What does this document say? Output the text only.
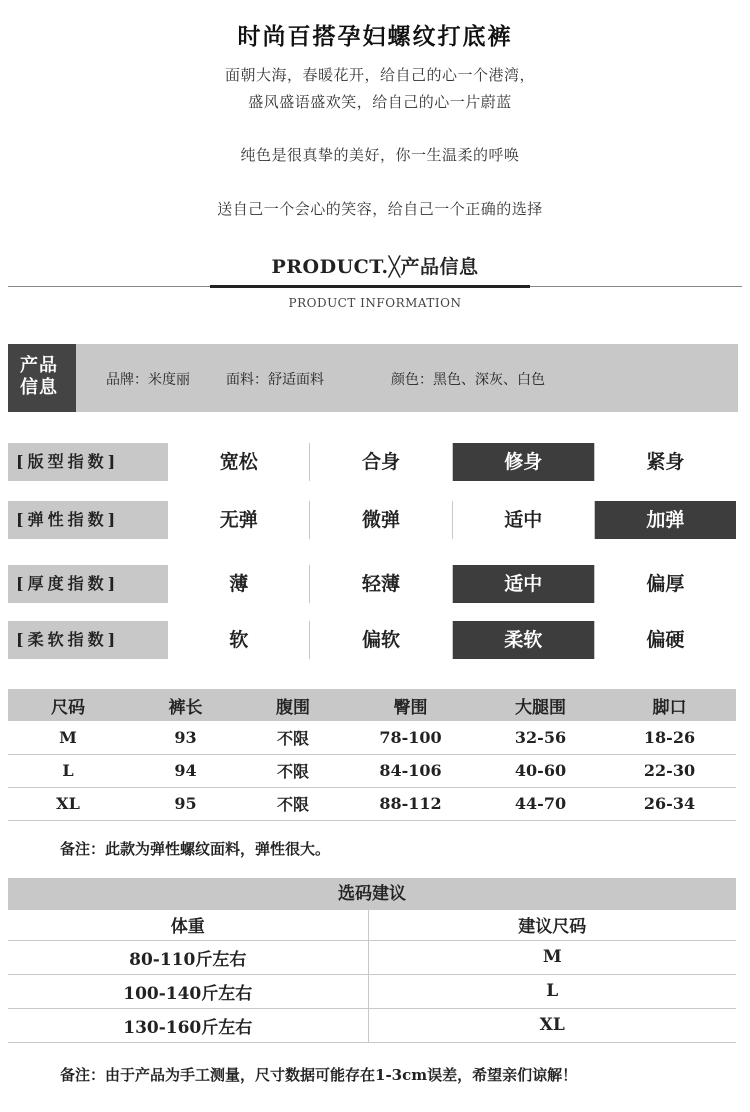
时尚百搭孕妇螺纹打底裤
面朝大海，春暖花开，给自己的心一个港湾，
盛风盛语盛欢笑，给自己的心一片蔚蓝
纯色是很真挚的美好，你一生温柔的呼唤
送自己一个会心的笑容，给自己一个正确的选择
PRODUCT.╳产品信息
PRODUCT INFORMATION
产品
信息	品牌：米度丽	面料：舒适面料	颜色：黑色、深灰、白色
[版型指数]	宽松	合身	修身	紧身
[弹性指数]	无弹	微弹	适中	加弹
[厚度指数]	薄	轻薄	适中	偏厚
[柔软指数]	软	偏软	柔软	偏硬
尺码	裤长	腹围	臀围	大腿围	脚口
M	93	不限	78-100	32-56	18-26
L	94	不限	84-106	40-60	22-30
XL	95	不限	88-112	44-70	26-34
备注：此款为弹性螺纹面料，弹性很大。
选码建议
体重	建议尺码
80-110斤左右	M
100-140斤左右	L
130-160斤左右	XL
备注：由于产品为手工测量，尺寸数据可能存在1-3cm误差，希望亲们谅解！
